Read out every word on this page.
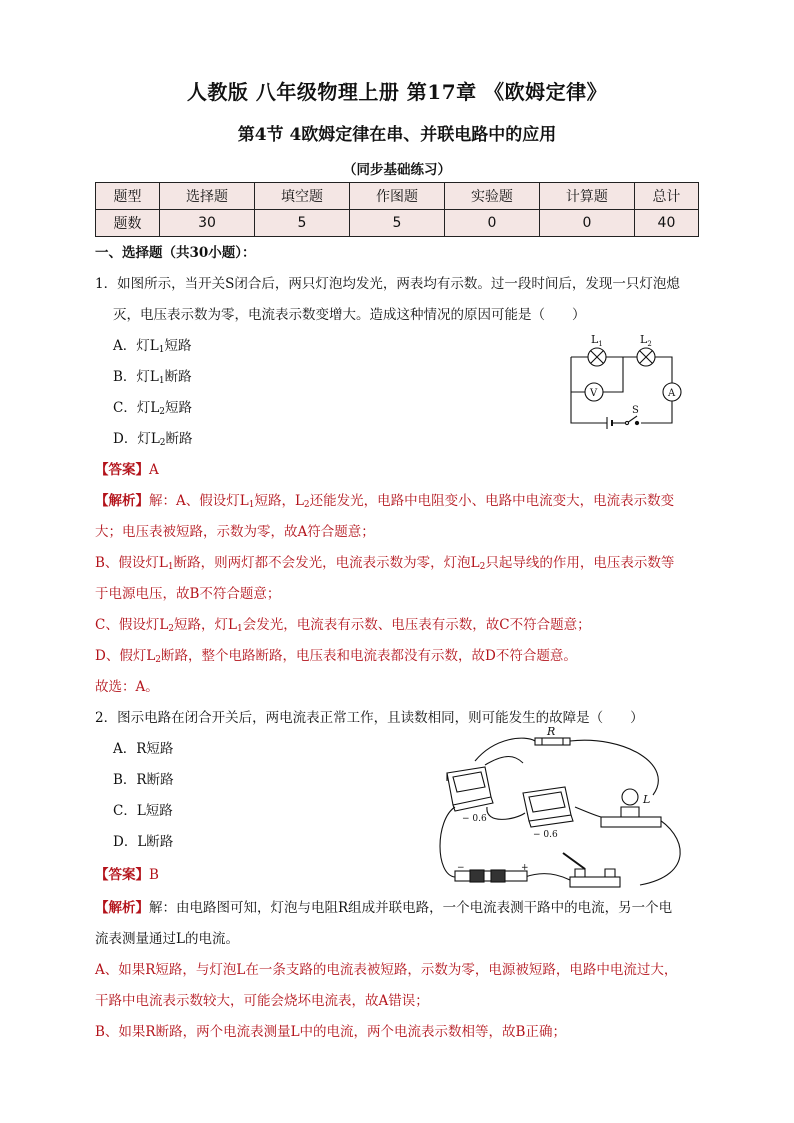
人教版 八年级物理上册 第17章 《欧姆定律》
第4节 4欧姆定律在串、并联电路中的应用
（同步基础练习）
题型	选择题	填空题	作图题	实验题	计算题	总计
题数	30	5	5	0	0	40
一、选择题（共30小题）：
1．如图所示，当开关S闭合后，两只灯泡均发光，两表均有示数。过一段时间后，发现一只灯泡熄
灭，电压表示数为零，电流表示数变增大。造成这种情况的原因可能是（　　）
A．灯$L_1$短路
B．灯$L_1$断路
C．灯$L_2$短路
D．灯$L_2$断路
$L_1$	$L_2$
V	A
S
【答案】A
【解析】解：A、假设灯$L_1$短路，$L_2$还能发光，电路中电阻变小、电路中电流变大，电流表示数变
大；电压表被短路，示数为零，故A符合题意；
B、假设灯$L_1$断路，则两灯都不会发光，电流表示数为零，灯泡$L_2$只起导线的作用，电压表示数等
于电源电压，故B不符合题意；
C、假设灯$L_2$短路，灯$L_1$会发光，电流表有示数、电压表有示数，故C不符合题意；
D、假灯$L_2$断路，整个电路断路，电压表和电流表都没有示数，故D不符合题意。
故选：A。
2．图示电路在闭合开关后，两电流表正常工作，且读数相同，则可能发生的故障是（　　）
A．R短路
B．R断路
C．L短路
D．L断路
R
L
− 0.6
− 0.6
+
−
【答案】B
【解析】解：由电路图可知，灯泡与电阻R组成并联电路，一个电流表测干路中的电流，另一个电
流表测量通过L的电流。
A、如果R短路，与灯泡L在一条支路的电流表被短路，示数为零，电源被短路，电路中电流过大，
干路中电流表示数较大，可能会烧坏电流表，故A错误；
B、如果R断路，两个电流表测量L中的电流，两个电流表示数相等，故B正确；
